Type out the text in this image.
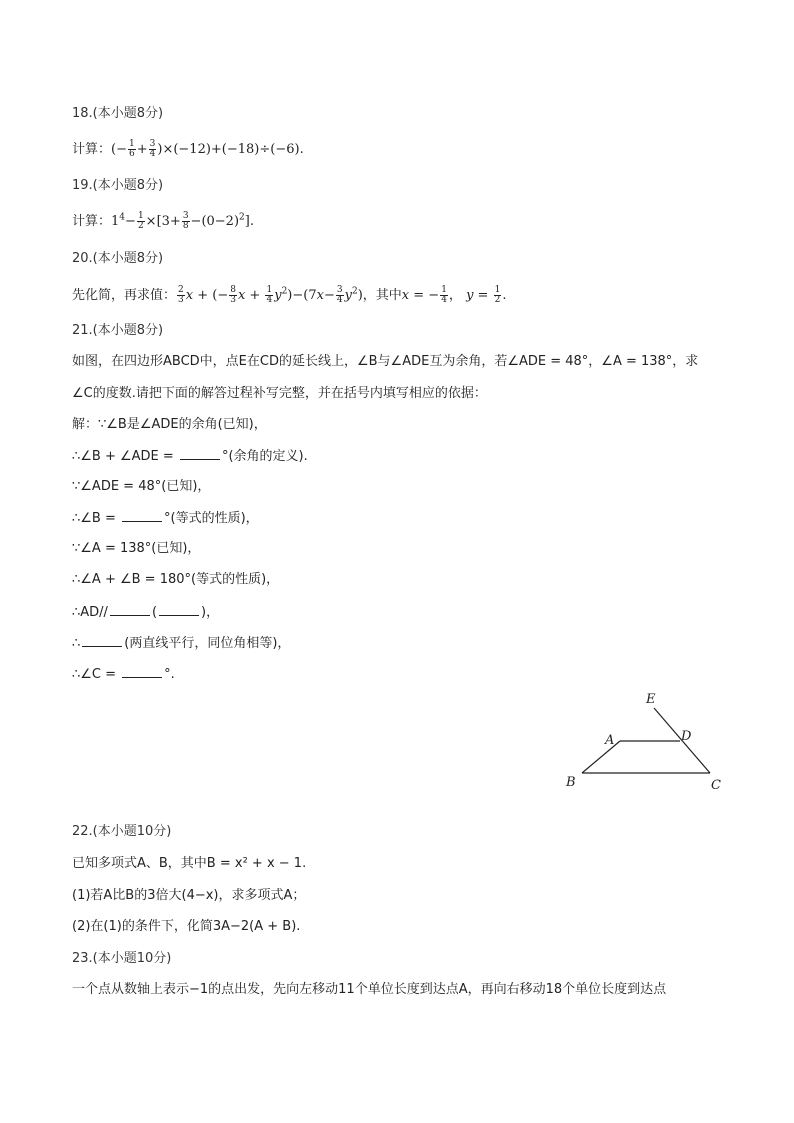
18.(本小题8分)
计算：(− $\frac{1}{6} + \frac{3}{4} )\times(-12)+(-18)\div(-6)$.
19.(本小题8分)
计算：$1^4- \frac{1}{2} \times[3+ \frac{3}{8} -(0-2)^2]$.
20.(本小题8分)
先化简，再求值： $\frac{2}{3}$ x + (− $\frac{8}{3}$ $x + \frac{1}{4} y^2)-(7x- \frac{3}{4} y^2)$，其中x = − $\frac{1}{4}$ ， $y = \frac{1}{2}$ .
21.(本小题8分)
如图，在四边形ABCD中，点E在CD的延长线上，∠B与∠ADE互为余角，若∠ADE = 48°，∠A = 138°，求
∠C的度数.请把下面的解答过程补写完整，并在括号内填写相应的依据：
解：∵∠B是∠ADE的余角(已知)，
∴∠B + ∠ADE =	°(余角的定义).
∵∠ADE = 48°(已知)，
∴∠B =	°(等式的性质)，
∵∠A = 138°(已知)，
∴∠A + ∠B = 180°(等式的性质)，
∴AD//	(	)，
∴	(两直线平行，同位角相等)，
∴∠C =	°.
22.(本小题10分)
已知多项式A、B，其中B = x² + x − 1.
(1)若A比B的3倍大(4−x)，求多项式A；
(2)在(1)的条件下，化简3A−2(A + B).
23.(本小题10分)
一个点从数轴上表示−1的点出发，先向左移动11个单位长度到达点A，再向右移动18个单位长度到达点
E
D
A
B	C
